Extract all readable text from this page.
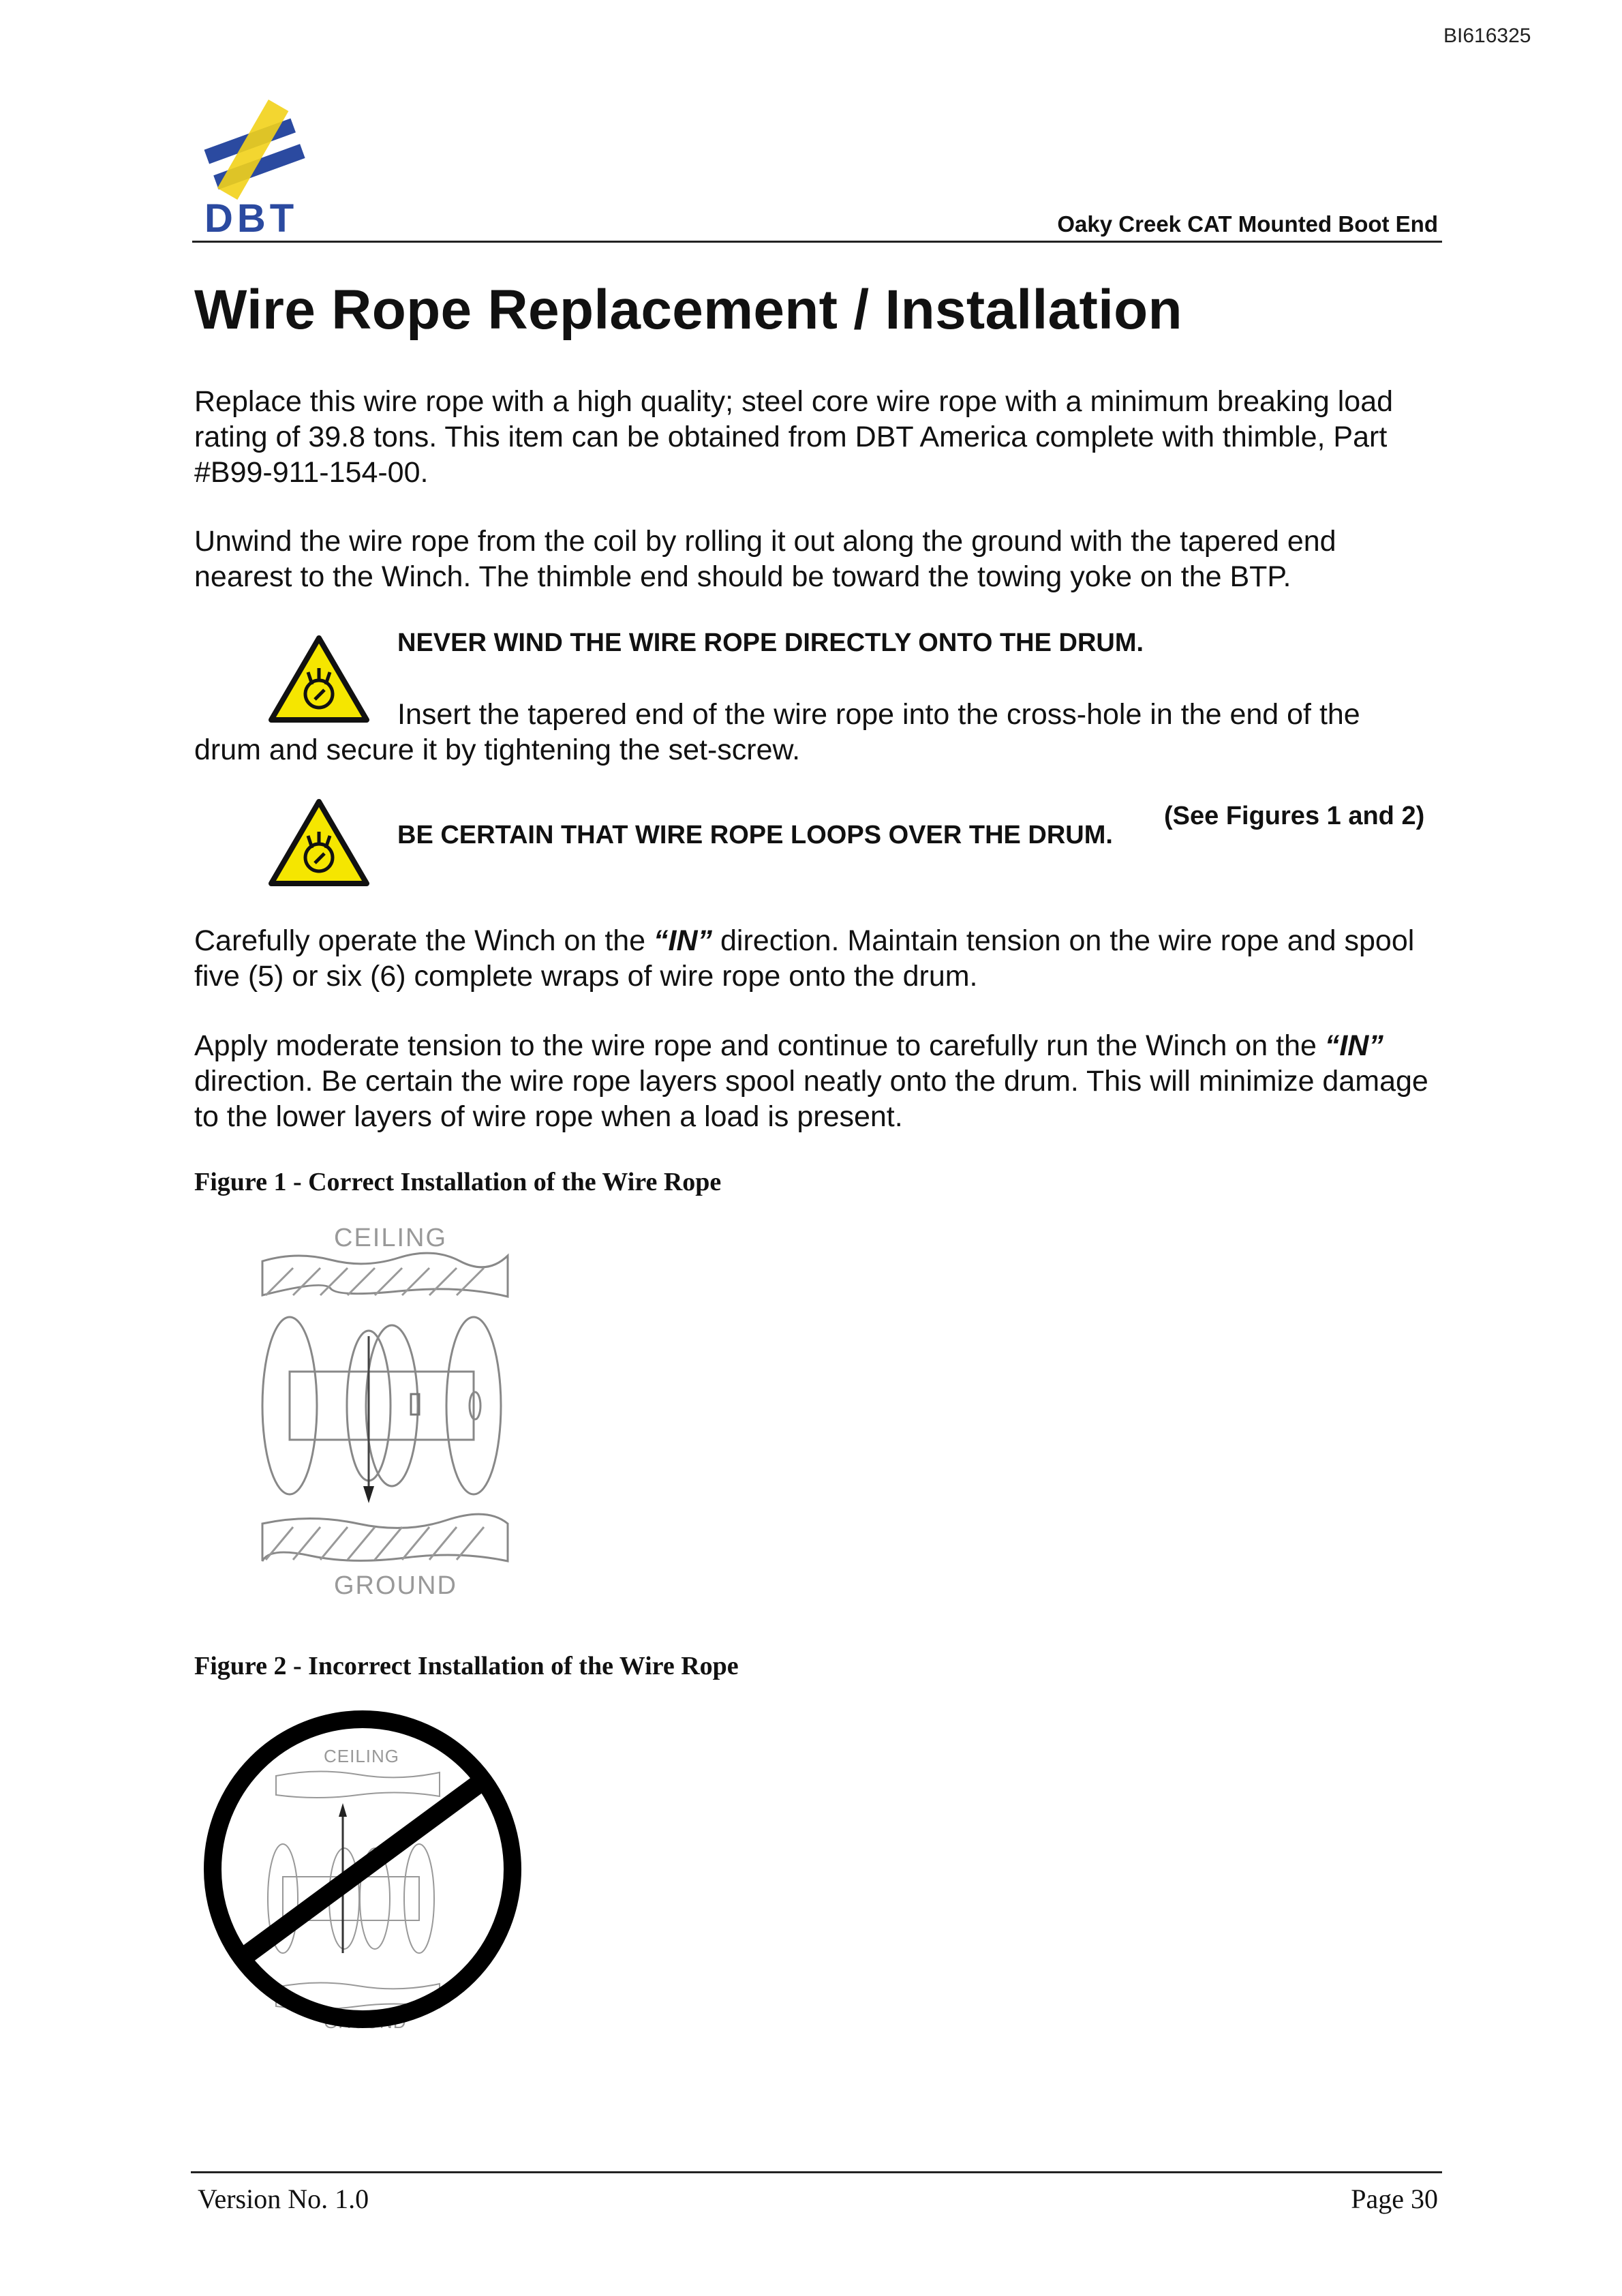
BI616325
DBT	Oaky Creek CAT Mounted Boot End
Wire Rope Replacement / Installation

Replace this wire rope with a high quality; steel core wire rope with a minimum breaking load rating of 39.8 tons. This item can be obtained from DBT America complete with thimble, Part #B99-911-154-00.

Unwind the wire rope from the coil by rolling it out along the ground with the tapered end nearest to the Winch. The thimble end should be toward the towing yoke on the BTP.

NEVER WIND THE WIRE ROPE DIRECTLY ONTO THE DRUM.
Insert the tapered end of the wire rope into the cross-hole in the end of the
drum and secure it by tightening the set-screw.
BE CERTAIN THAT WIRE ROPE LOOPS OVER THE DRUM.
(See Figures 1 and 2)

Carefully operate the Winch on the “IN” direction. Maintain tension on the wire rope and spool five (5) or six (6) complete wraps of wire rope onto the drum.

Apply moderate tension to the wire rope and continue to carefully run the Winch on the “IN” direction. Be certain the wire rope layers spool neatly onto the drum. This will minimize damage to the lower layers of wire rope when a load is present.

Figure 1 - Correct Installation of the Wire Rope
CEILING
GROUND
Figure 2 - Incorrect Installation of the Wire Rope
CEILING
GROUND
Version No. 1.0	Page 30
